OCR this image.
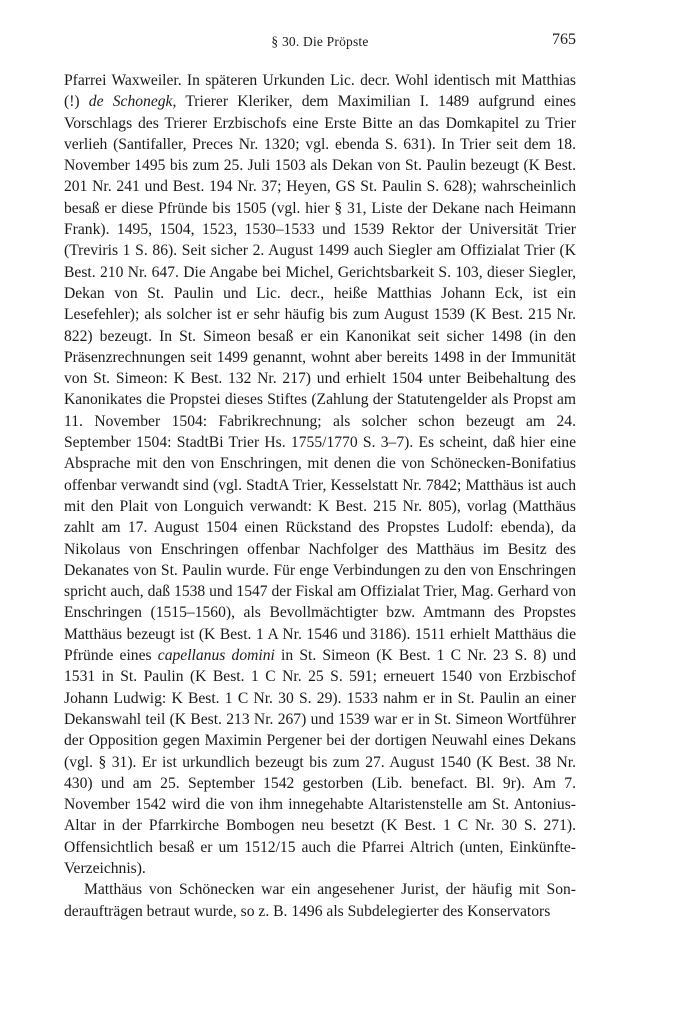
§ 30. Die Pröpste	765

Pfarrei Waxweiler. In späteren Urkunden Lic. decr. Wohl identisch mit Matthias (!) de Schonegk, Trierer Kleriker, dem Maximilian I. 1489 aufgrund eines Vorschlags des Trierer Erzbischofs eine Erste Bitte an das Domkapitel zu Trier verlieh (Santifaller, Preces Nr. 1320; vgl. ebenda S. 631). In Trier seit dem 18. November 1495 bis zum 25. Juli 1503 als Dekan von St. Paulin bezeugt (K Best. 201 Nr. 241 und Best. 194 Nr. 37; Heyen, GS St. Paulin S. 628); wahrscheinlich besaß er diese Pfründe bis 1505 (vgl. hier § 31, Liste der Dekane nach Heimann Frank). 1495, 1504, 1523, 1530–1533 und 1539 Rektor der Universität Trier (Treviris 1 S. 86). Seit sicher 2. August 1499 auch Siegler am Offizialat Trier (K Best. 210 Nr. 647. Die Angabe bei Michel, Gerichtsbarkeit S. 103, dieser Siegler, Dekan von St. Paulin und Lic. decr., heiße Matthias Johann Eck, ist ein Lesefehler); als solcher ist er sehr häufig bis zum August 1539 (K Best. 215 Nr. 822) bezeugt. In St. Simeon besaß er ein Kanonikat seit sicher 1498 (in den Präsenzrechnungen seit 1499 genannt, wohnt aber bereits 1498 in der Immunität von St. Simeon: K Best. 132 Nr. 217) und erhielt 1504 unter Beibehaltung des Kanonikates die Propstei dieses Stiftes (Zahlung der Statutengelder als Propst am 11. November 1504: Fabrikrechnung; als solcher schon bezeugt am 24. September 1504: StadtBi Trier Hs. 1755/1770 S. 3–7). Es scheint, daß hier eine Absprache mit den von Enschringen, mit denen die von Schönecken-Bonifatius offenbar verwandt sind (vgl. StadtA Trier, Kesselstatt Nr. 7842; Matthäus ist auch mit den Plait von Longuich verwandt: K Best. 215 Nr. 805), vorlag (Matthäus zahlt am 17. August 1504 einen Rückstand des Propstes Ludolf: ebenda), da Nikolaus von Enschringen offenbar Nachfolger des Matthäus im Besitz des Dekanates von St. Paulin wurde. Für enge Verbindungen zu den von Enschringen spricht auch, daß 1538 und 1547 der Fiskal am Offizialat Trier, Mag. Gerhard von Enschringen (1515–1560), als Bevollmächtigter bzw. Amtmann des Propstes Matthäus bezeugt ist (K Best. 1 A Nr. 1546 und 3186). 1511 erhielt Matthäus die Pfründe eines capellanus domini in St. Simeon (K Best. 1 C Nr. 23 S. 8) und 1531 in St. Paulin (K Best. 1 C Nr. 25 S. 591; erneuert 1540 von Erzbischof Johann Ludwig: K Best. 1 C Nr. 30 S. 29). 1533 nahm er in St. Paulin an einer Dekanswahl teil (K Best. 213 Nr. 267) und 1539 war er in St. Simeon Wortführer der Opposition gegen Maximin Pergener bei der dortigen Neuwahl eines Dekans (vgl. § 31). Er ist urkundlich bezeugt bis zum 27. August 1540 (K Best. 38 Nr. 430) und am 25. September 1542 gestorben (Lib. benefact. Bl. 9r). Am 7. November 1542 wird die von ihm innegehabte Altaristenstelle am St. Antonius-Altar in der Pfarrkirche Bombogen neu besetzt (K Best. 1 C Nr. 30 S. 271). Offensichtlich besaß er um 1512/15 auch die Pfarrei Altrich (unten, Einkünfte-Verzeichnis).

Matthäus von Schönecken war ein angesehener Jurist, der häufig mit Sonderaufträgen betraut wurde, so z. B. 1496 als Subdelegierter des Konservators
